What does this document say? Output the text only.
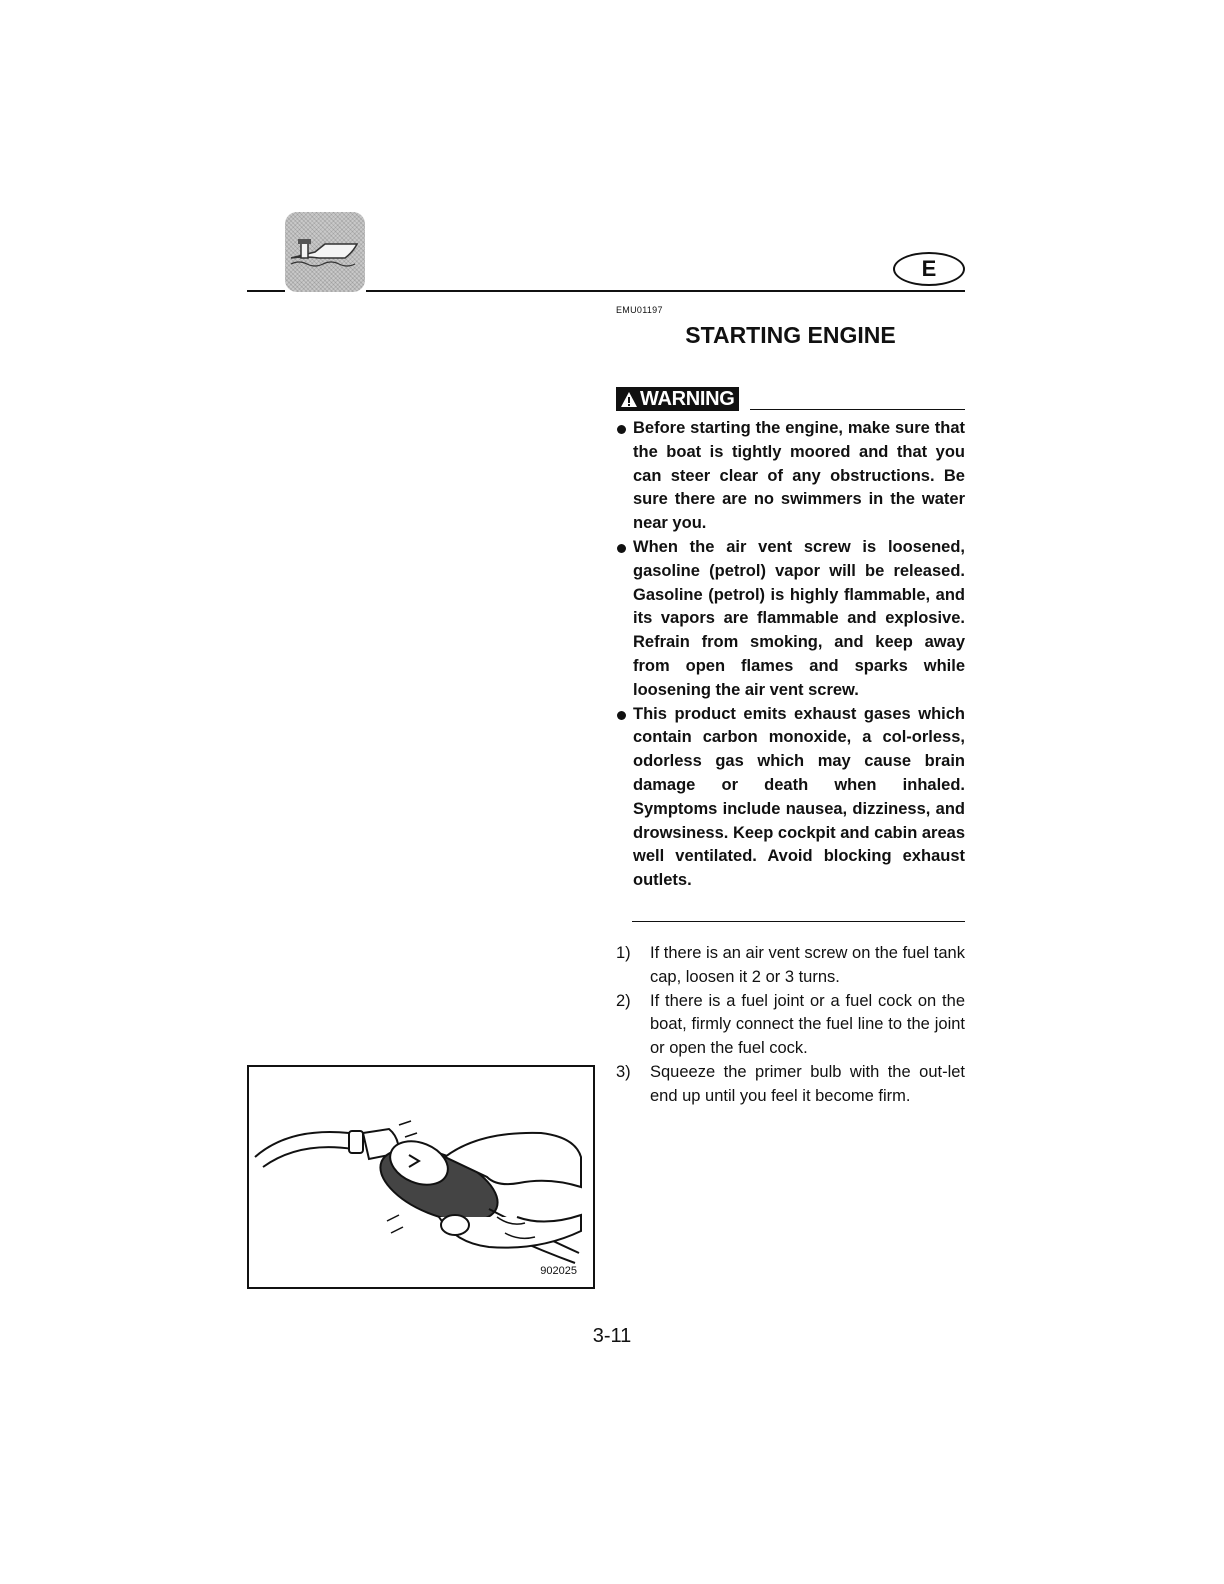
E
EMU01197
STARTING ENGINE
WARNING
Before starting the engine, make sure that the boat is tightly moored and that you can steer clear of any obstructions. Be sure there are no swimmers in the water near you.
When the air vent screw is loosened, gasoline (petrol) vapor will be released. Gasoline (petrol) is highly flammable, and its vapors are flammable and explosive. Refrain from smoking, and keep away from open flames and sparks while loosening the air vent screw.
This product emits exhaust gases which contain carbon monoxide, a col-orless, odorless gas which may cause brain damage or death when inhaled. Symptoms include nausea, dizziness, and drowsiness. Keep cockpit and cabin areas well ventilated. Avoid blocking exhaust outlets.
1) If there is an air vent screw on the fuel tank cap, loosen it 2 or 3 turns.
2) If there is a fuel joint or a fuel cock on the boat, firmly connect the fuel line to the joint or open the fuel cock.
3) Squeeze the primer bulb with the out-let end up until you feel it become firm.
902025
3-11
